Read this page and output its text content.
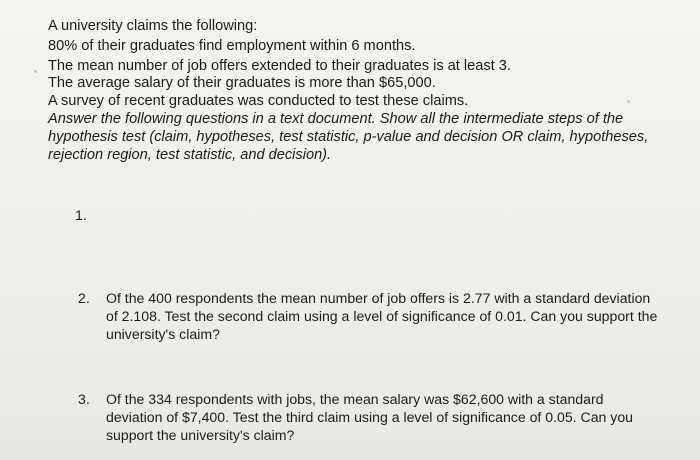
A university claims the following:
80% of their graduates find employment within 6 months.
The mean number of job offers extended to their graduates is at least 3.
The average salary of their graduates is more than $65,000.
A survey of recent graduates was conducted to test these claims.
Answer the following questions in a text document. Show all the intermediate steps of the
hypothesis test (claim, hypotheses, test statistic, p-value and decision OR claim, hypotheses,
rejection region, test statistic, and decision).
1.
2. Of the 400 respondents the mean number of job offers is 2.77 with a standard deviation
of 2.108. Test the second claim using a level of significance of 0.01. Can you support the
university's claim?
3. Of the 334 respondents with jobs, the mean salary was $62,600 with a standard
deviation of $7,400. Test the third claim using a level of significance of 0.05. Can you
support the university's claim?
